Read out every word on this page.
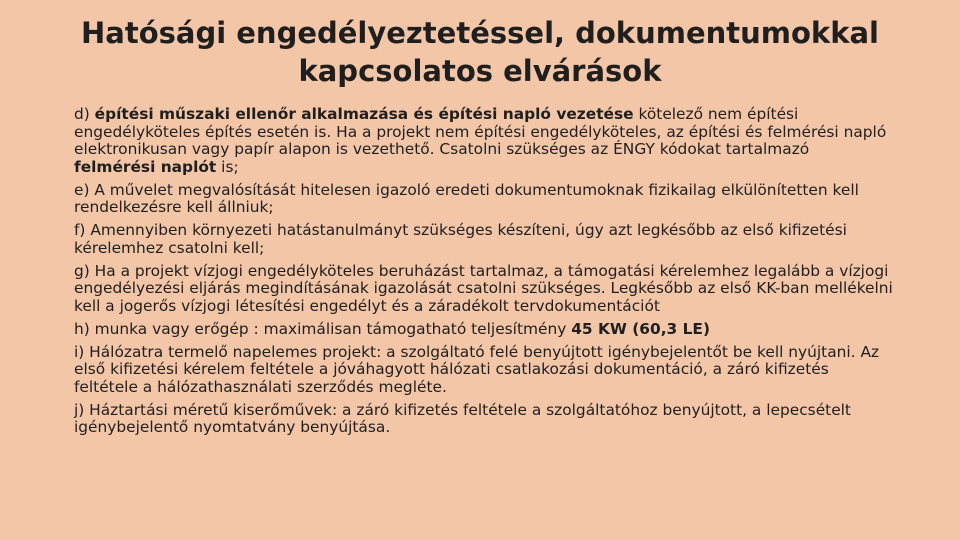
Hatósági engedélyeztetéssel, dokumentumokkal
kapcsolatos elvárások

d) építési műszaki ellenőr alkalmazása és építési napló vezetése kötelező nem építési engedélyköteles építés esetén is. Ha a projekt nem építési engedélyköteles, az építési és felmérési napló elektronikusan vagy papír alapon is vezethető. Csatolni szükséges az ÉNGY kódokat tartalmazó felmérési naplót is;

e) A művelet megvalósítását hitelesen igazoló eredeti dokumentumoknak fizikailag elkülönítetten kell rendelkezésre kell állniuk;

f) Amennyiben környezeti hatástanulmányt szükséges készíteni, úgy azt legkésőbb az első kifizetési kérelemhez csatolni kell;

g) Ha a projekt vízjogi engedélyköteles beruházást tartalmaz, a támogatási kérelemhez legalább a vízjogi engedélyezési eljárás megindításának igazolását csatolni szükséges. Legkésőbb az első KK-ban mellékelni kell a jogerős vízjogi létesítési engedélyt és a záradékolt tervdokumentációt

h) munka vagy erőgép : maximálisan támogatható teljesítmény 45 KW (60,3 LE)

i) Hálózatra termelő napelemes projekt: a szolgáltató felé benyújtott igénybejelentőt be kell nyújtani. Az első kifizetési kérelem feltétele a jóváhagyott hálózati csatlakozási dokumentáció, a záró kifizetés feltétele a hálózathasználati szerződés megléte.

j) Háztartási méretű kiserőművek: a záró kifizetés feltétele a szolgáltatóhoz benyújtott, a lepecsételt igénybejelentő nyomtatvány benyújtása.
